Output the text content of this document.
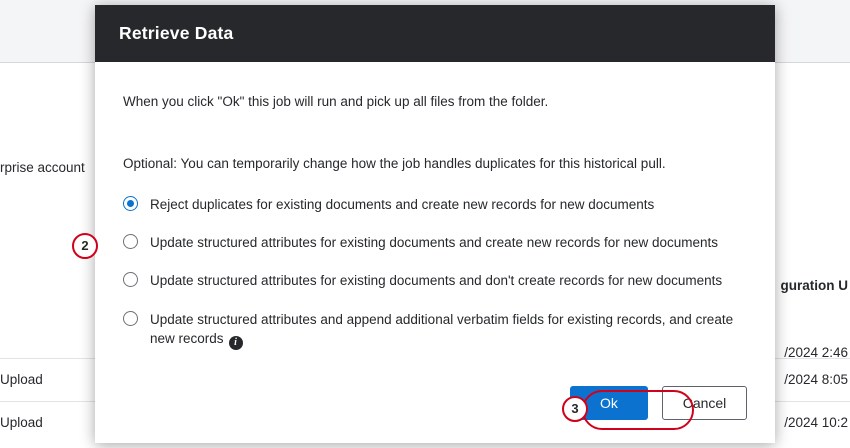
rprise account
guration U
/2024 2:46
Upload	/2024 8:05
Upload	/2024 10:2
Retrieve Data

When you click "Ok" this job will run and pick up all files from the folder.

Optional: You can temporarily change how the job handles duplicates for this historical pull.

Reject duplicates for existing documents and create new records for new documents
Update structured attributes for existing documents and create new records for new documents
Update structured attributes for existing documents and don't create records for new documents
Update structured attributes and append additional verbatim fields for existing records, and create new records i
Ok	Cancel
2
3
